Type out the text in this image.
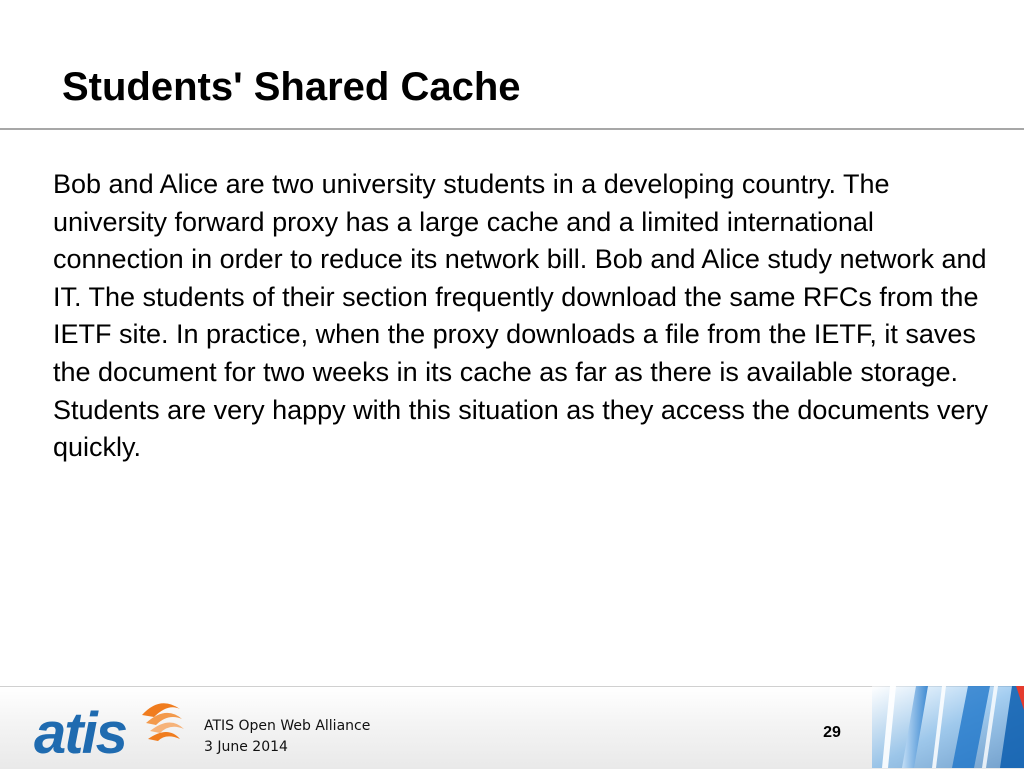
Students' Shared Cache

Bob and Alice are two university students in a developing country. The university forward proxy has a large cache and a limited international connection in order to reduce its network bill. Bob and Alice study network and IT. The students of their section frequently download the same RFCs from the IETF site. In practice, when the proxy downloads a file from the IETF, it saves the document for two weeks in its cache as far as there is available storage. Students are very happy with this situation as they access the documents very quickly.

atis	ATIS Open Web Alliance
3 June 2014
29
